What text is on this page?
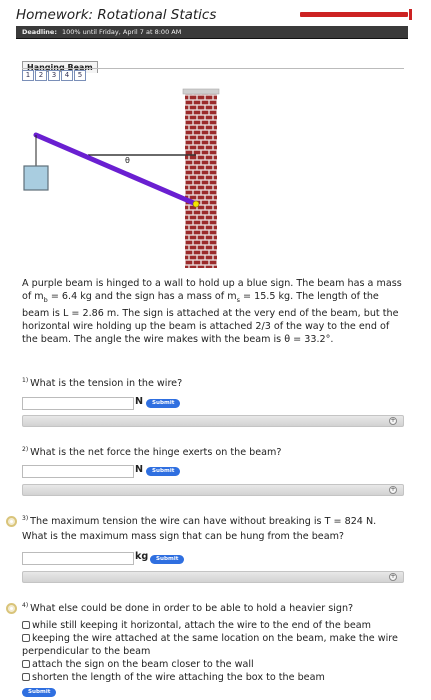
Homework: Rotational Statics
Deadline: 100% until Friday, April 7 at 8:00 AM
1	2	3	4	5
θ
A purple beam is hinged to a wall to hold up a blue sign. The beam has a mass of $m_b = 6.4$ kg and the sign has a mass of $m_s = 15.5$ kg. The length of the beam is L = 2.86 m. The sign is attached at the very end of the beam, but the horizontal wire holding up the beam is attached 2/3 of the way to the end of the beam. The angle the wire makes with the beam is θ = 33.2°.
$^{1)}$ What is the tension in the wire?
N	Submit
+
$^{2)}$ What is the net force the hinge exerts on the beam?
N	Submit
+
$^{3)}$ The maximum tension the wire can have without breaking is T = 824 N.
What is the maximum mass sign that can be hung from the beam?
kg	Submit
+
$^{4)}$ What else could be done in order to be able to hold a heavier sign?
while still keeping it horizontal, attach the wire to the end of the beam
keeping the wire attached at the same location on the beam, make the wire perpendicular to the beam
attach the sign on the beam closer to the wall
shorten the length of the wire attaching the box to the beam
Submit
